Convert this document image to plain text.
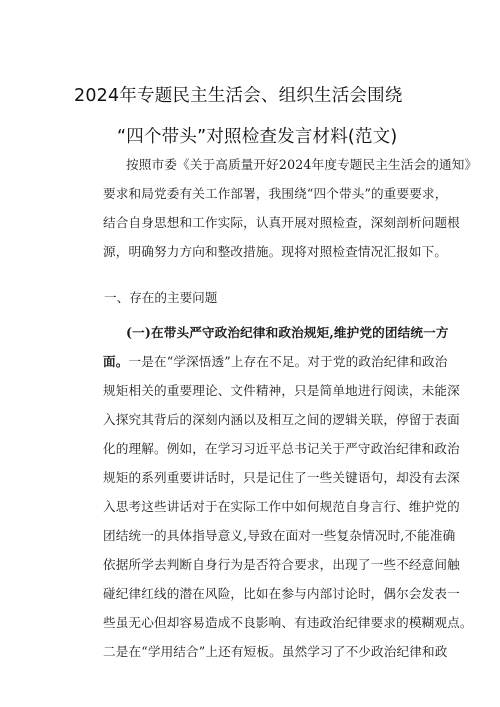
2024年专题民主生活会、组织生活会围绕
“四个带头”对照检查发言材料(范文)
按照市委《关于高质量开好2024年度专题民主生活会的通知》
要求和局党委有关工作部署，我围绕“四个带头”的重要要求，
结合自身思想和工作实际，认真开展对照检查，深刻剖析问题根
源，明确努力方向和整改措施。现将对照检查情况汇报如下。
一、存在的主要问题
(一)在带头严守政治纪律和政治规矩,维护党的团结统一方
面。一是在“学深悟透”上存在不足。对于党的政治纪律和政治
规矩相关的重要理论、文件精神，只是简单地进行阅读，未能深
入探究其背后的深刻内涵以及相互之间的逻辑关联，停留于表面
化的理解。例如，在学习习近平总书记关于严守政治纪律和政治
规矩的系列重要讲话时，只是记住了一些关键语句，却没有去深
入思考这些讲话对于在实际工作中如何规范自身言行、维护党的
团结统一的具体指导意义,导致在面对一些复杂情况时,不能准确
依据所学去判断自身行为是否符合要求，出现了一些不经意间触
碰纪律红线的潜在风险，比如在参与内部讨论时，偶尔会发表一
些虽无心但却容易造成不良影响、有违政治纪律要求的模糊观点。
二是在“学用结合”上还有短板。虽然学习了不少政治纪律和政
